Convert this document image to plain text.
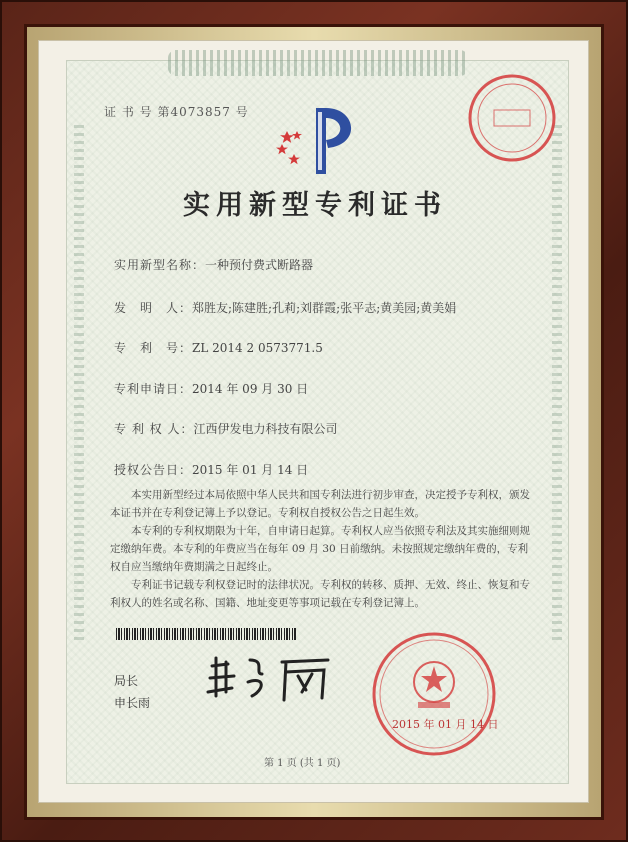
证 书 号 第4073857 号
实用新型专利证书
实用新型名称：一种预付费式断路器
发　明　人：郑胜友;陈建胜;孔莉;刘群霞;张平志;黄美园;黄美娟
专　利　号：ZL 2014 2 0573771.5
专利申请日：2014 年 09 月 30 日
专 利 权 人：江西伊发电力科技有限公司
授权公告日：2015 年 01 月 14 日
本实用新型经过本局依照中华人民共和国专利法进行初步审查，决定授予专利权，颁发本证书并在专利登记簿上予以登记。专利权自授权公告之日起生效。
本专利的专利权期限为十年，自申请日起算。专利权人应当依照专利法及其实施细则规定缴纳年费。本专利的年费应当在每年 09 月 30 日前缴纳。未按照规定缴纳年费的，专利权自应当缴纳年费期满之日起终止。
专利证书记载专利权登记时的法律状况。专利权的转移、质押、无效、终止、恢复和专利权人的姓名或名称、国籍、地址变更等事项记载在专利登记簿上。
局长
申长雨
2015 年 01 月 14 日
第 1 页 (共 1 页)
